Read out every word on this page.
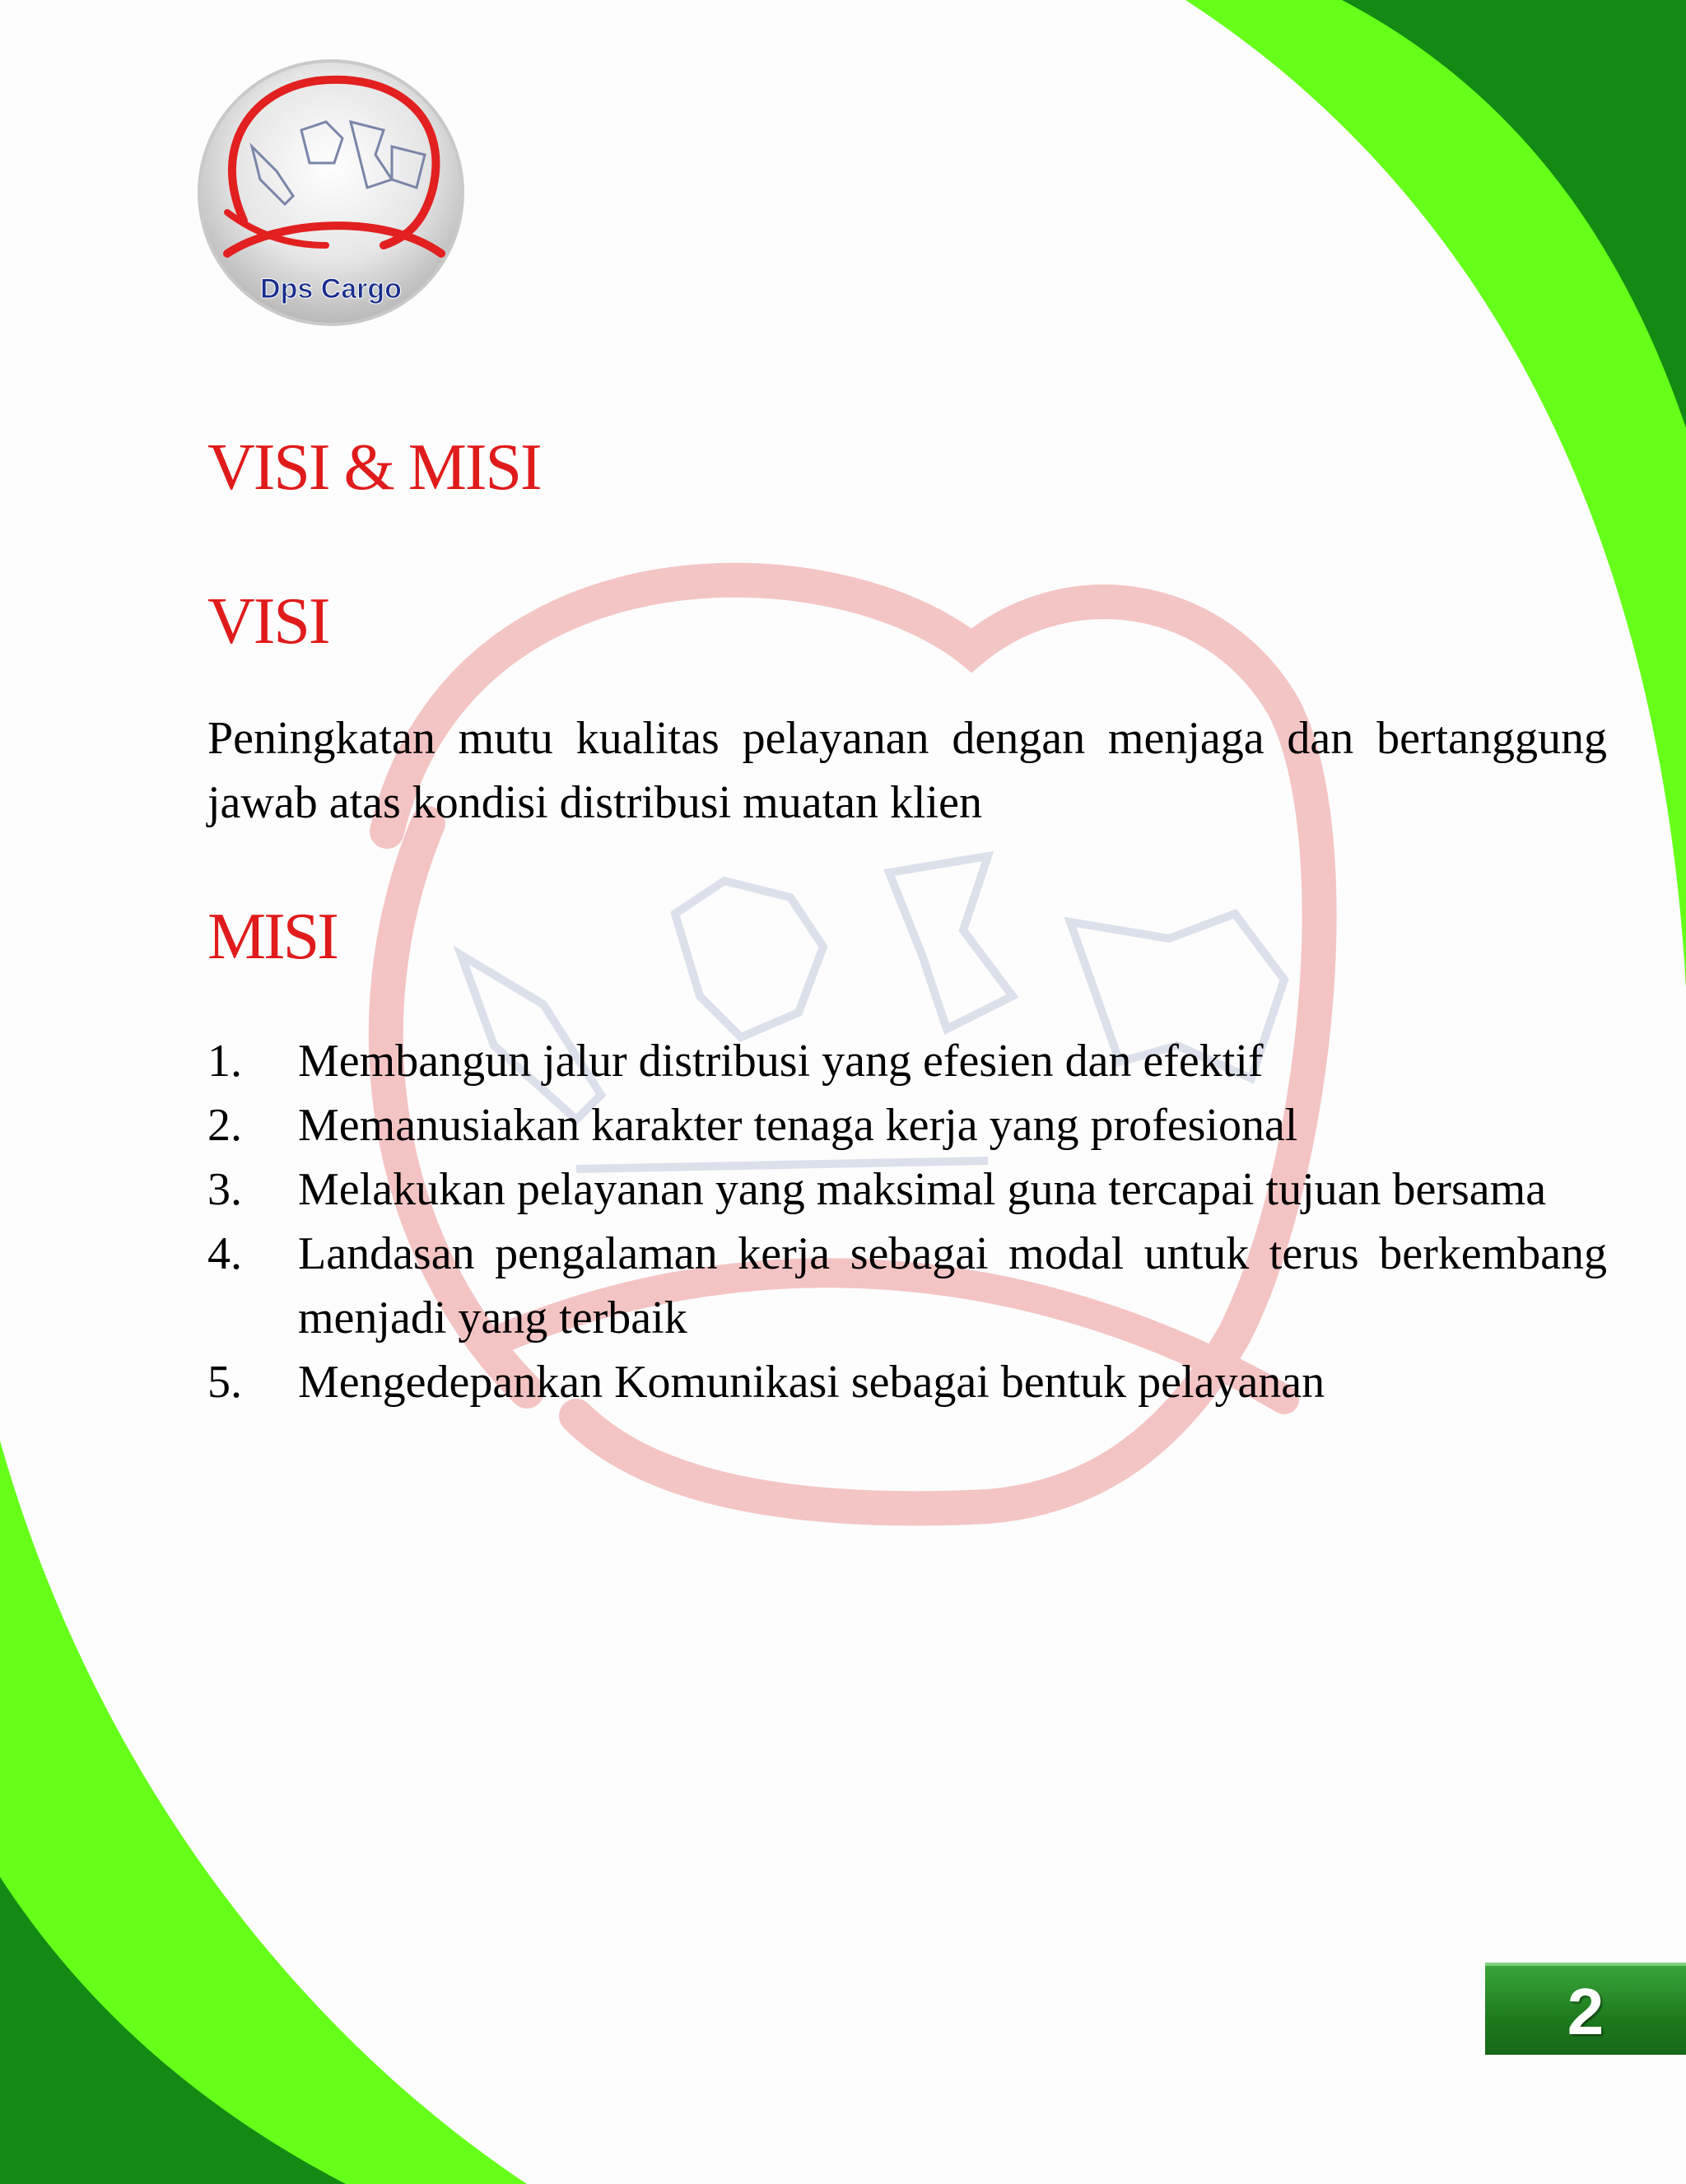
Dps Cargo
VISI & MISI
VISI

Peningkatan mutu kualitas pelayanan dengan menjaga dan bertanggung jawab atas kondisi distribusi muatan klien

MISI
1.	Membangun jalur distribusi yang efesien dan efektif
2.	Memanusiakan karakter tenaga kerja yang profesional
3.	Melakukan pelayanan yang maksimal guna tercapai tujuan bersama
4.	Landasan pengalaman kerja sebagai modal untuk terus berkembang menjadi yang terbaik
5.	Mengedepankan Komunikasi sebagai bentuk pelayanan
2
